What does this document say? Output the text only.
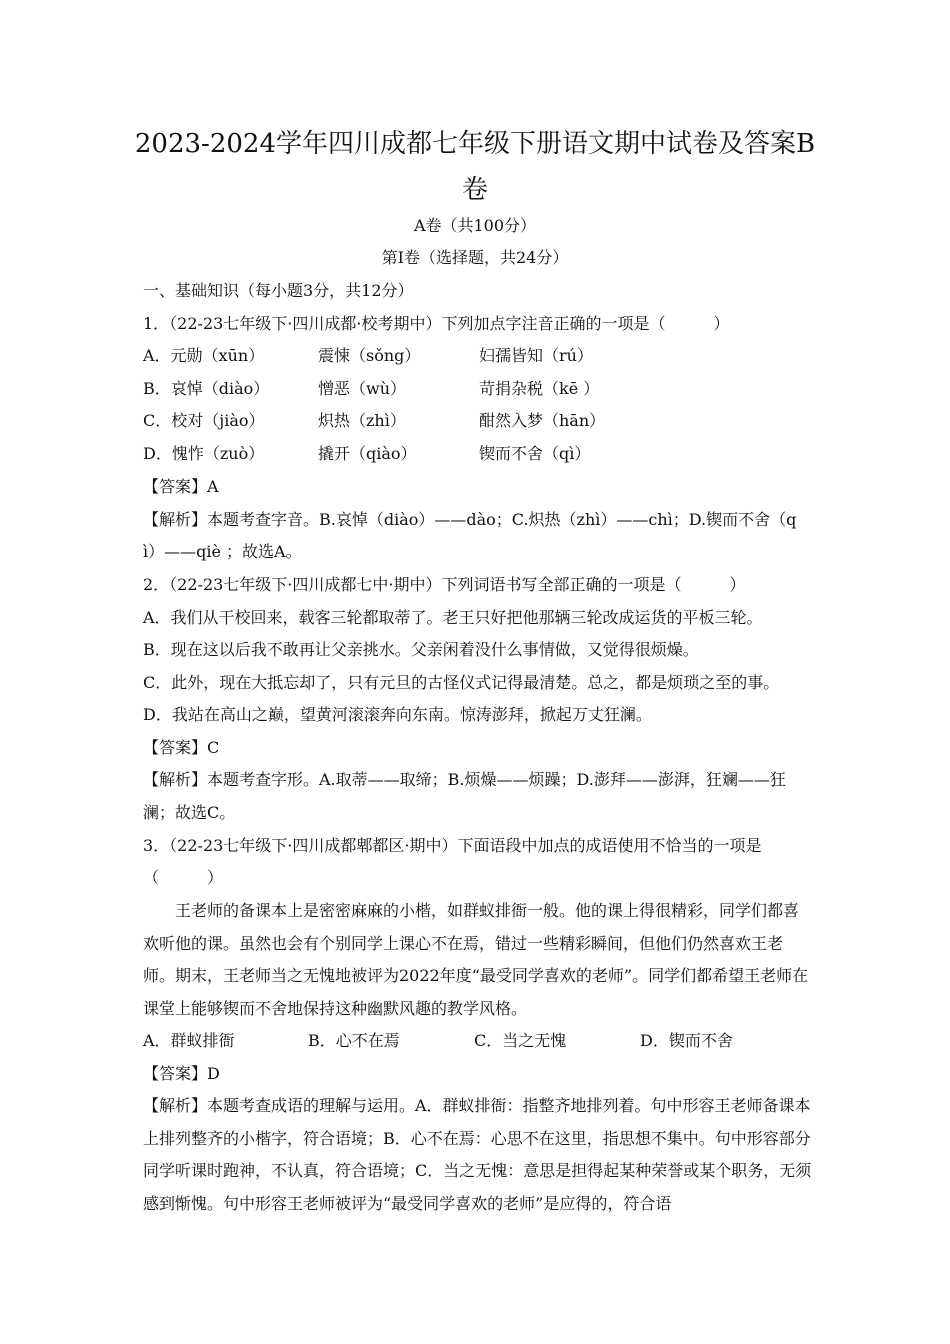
2023-2024学年四川成都七年级下册语文期中试卷及答案B
卷
A卷（共100分）
第Ⅰ卷（选择题，共24分）
一、基础知识（每小题3分，共12分）
1．（22-23七年级下·四川成都·校考期中）下列加点字注音正确的一项是（　　　）
A．元勋（xūn）	震悚（sǒng）	妇孺皆知（rú）
B．哀悼（diào）	憎恶（wù）	苛捐杂税（kē ）
C．校对（jiào）	炽热（zhì）	酣然入梦（hān）
D．愧怍（zuò）	撬开（qiào）	锲而不舍（qì）
【答案】A
【解析】本题考查字音。B.哀悼（diào）——dào；C.炽热（zhì）——chì；D.锲而不舍（q
ì）——qiè ；故选A。
2．（22-23七年级下·四川成都七中·期中）下列词语书写全部正确的一项是（　　　）
A．我们从干校回来，载客三轮都取蒂了。老王只好把他那辆三轮改成运货的平板三轮。
B．现在这以后我不敢再让父亲挑水。父亲闲着没什么事情做，又觉得很烦燥。
C．此外，现在大抵忘却了，只有元旦的古怪仪式记得最清楚。总之，都是烦琐之至的事。
D．我站在高山之巅，望黄河滚滚奔向东南。惊涛澎拜，掀起万丈狂澜。
【答案】C
【解析】本题考查字形。A.取蒂——取缔；B.烦燥——烦躁；D.澎拜——澎湃，狂斓——狂
澜；故选C。
3．（22-23七年级下·四川成都郫都区·期中）下面语段中加点的成语使用不恰当的一项是
（　　　）
王老师的备课本上是密密麻麻的小楷，如群蚁排衙一般。他的课上得很精彩，同学们都喜欢听他的课。虽然也会有个别同学上课心不在焉，错过一些精彩瞬间，但他们仍然喜欢王老师。期末，王老师当之无愧地被评为2022年度“最受同学喜欢的老师”。同学们都希望王老师在课堂上能够锲而不舍地保持这种幽默风趣的教学风格。
A．群蚁排衙	B．心不在焉	C．当之无愧	D．锲而不舍
【答案】D
【解析】本题考查成语的理解与运用。A．群蚁排衙：指整齐地排列着。句中形容王老师备课本上排列整齐的小楷字，符合语境；B．心不在焉：心思不在这里，指思想不集中。句中形容部分同学听课时跑神，不认真，符合语境；C．当之无愧：意思是担得起某种荣誉或某个职务，无须感到惭愧。句中形容王老师被评为“最受同学喜欢的老师”是应得的，符合语
